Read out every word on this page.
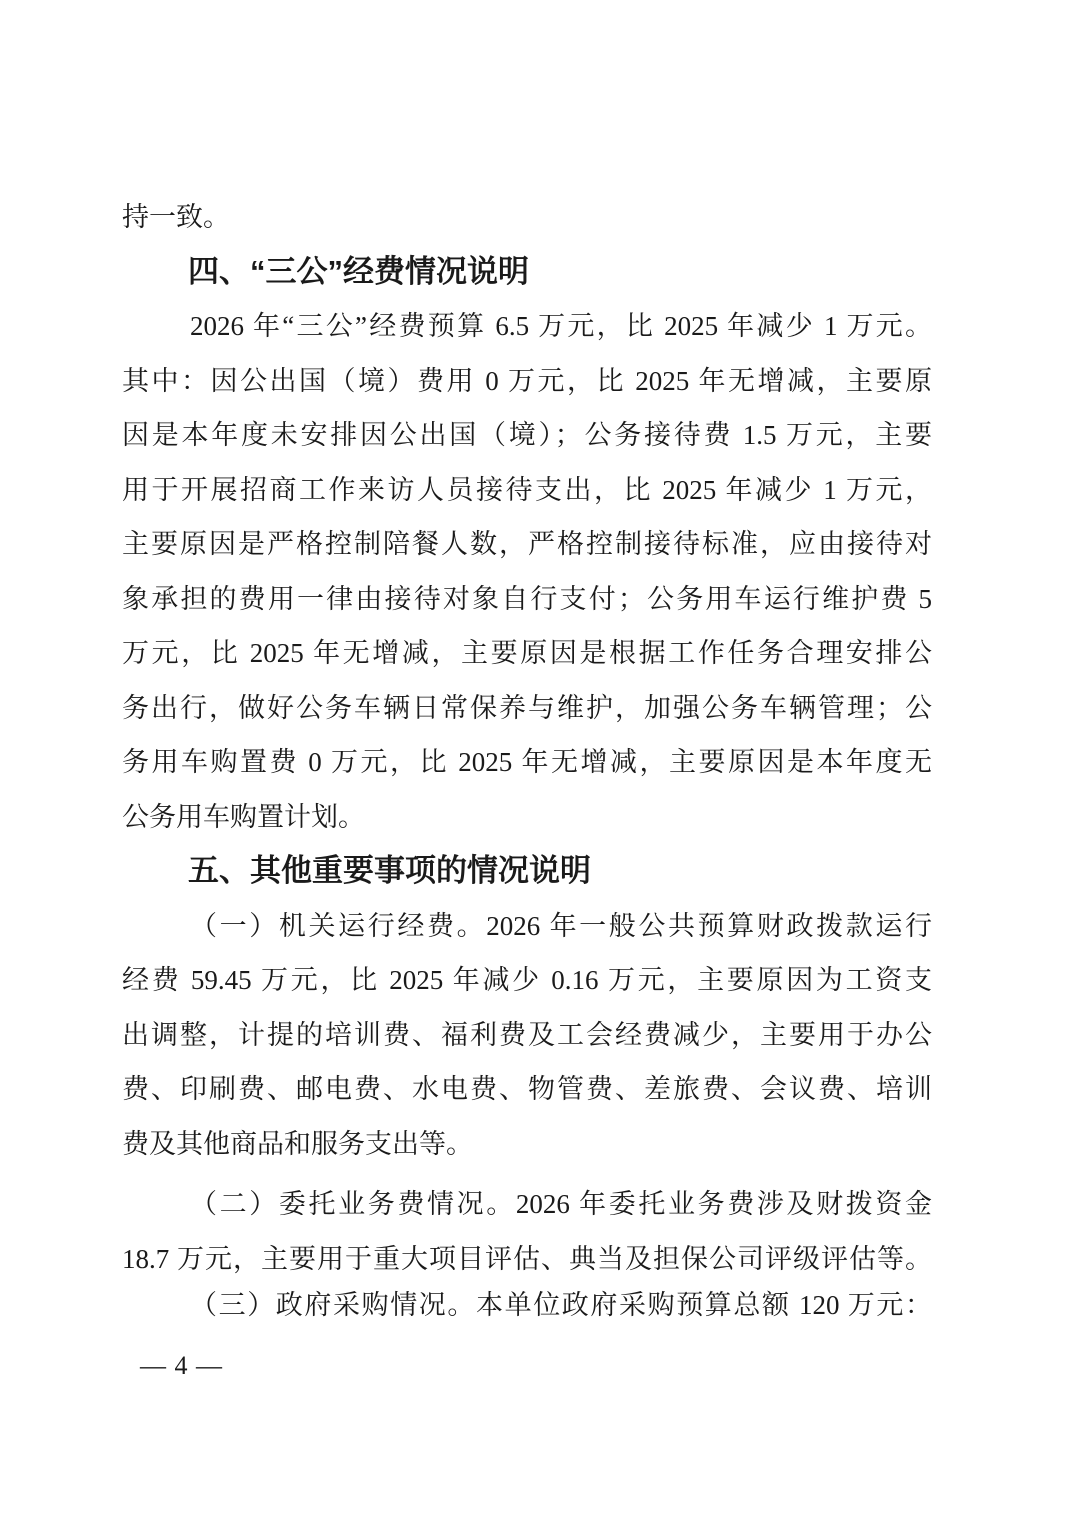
持一致。
四、“三公”经费情况说明
2026 年“三公”经费预算 6.5 万元，比 2025 年减少 1 万元。
其中：因公出国（境）费用 0 万元，比 2025 年无增减，主要原
因是本年度未安排因公出国（境）；公务接待费 1.5 万元，主要
用于开展招商工作来访人员接待支出，比 2025 年减少 1 万元，
主要原因是严格控制陪餐人数，严格控制接待标准，应由接待对
象承担的费用一律由接待对象自行支付；公务用车运行维护费 5
万元，比 2025 年无增减，主要原因是根据工作任务合理安排公
务出行，做好公务车辆日常保养与维护，加强公务车辆管理；公
务用车购置费 0 万元，比 2025 年无增减，主要原因是本年度无
公务用车购置计划。
五、其他重要事项的情况说明
（一）机关运行经费。2026 年一般公共预算财政拨款运行
经费 59.45 万元，比 2025 年减少 0.16 万元，主要原因为工资支
出调整，计提的培训费、福利费及工会经费减少，主要用于办公
费、印刷费、邮电费、水电费、物管费、差旅费、会议费、培训
费及其他商品和服务支出等。
（二）委托业务费情况。2026 年委托业务费涉及财拨资金
18.7 万元，主要用于重大项目评估、典当及担保公司评级评估等。
（三）政府采购情况。本单位政府采购预算总额 120 万元：
— 4 —
